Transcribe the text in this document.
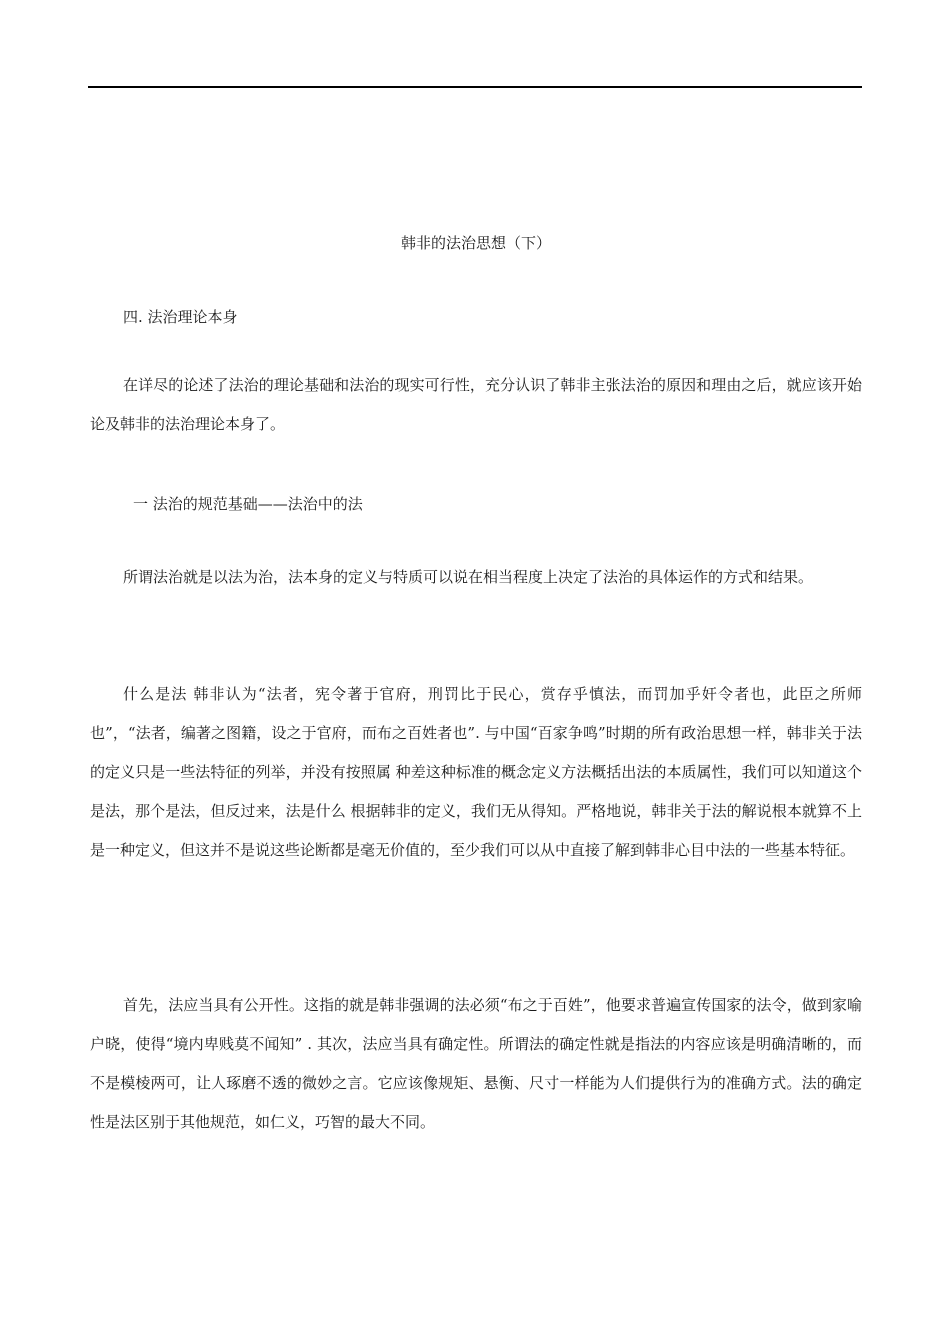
韩非的法治思想（下）
四. 法治理论本身

在详尽的论述了法治的理论基础和法治的现实可行性，充分认识了韩非主张法治的原因和理由之后，就应该开始论及韩非的法治理论本身了。

一 法治的规范基础——法治中的法

所谓法治就是以法为治，法本身的定义与特质可以说在相当程度上决定了法治的具体运作的方式和结果。

什么是法 韩非认为“法者，宪令著于官府，刑罚比于民心，赏存乎慎法，而罚加乎奸令者也，此臣之所师也”，“法者，编著之图籍，设之于官府，而布之百姓者也”. 与中国“百家争鸣”时期的所有政治思想一样，韩非关于法的定义只是一些法特征的列举，并没有按照属 种差这种标准的概念定义方法概括出法的本质属性，我们可以知道这个是法，那个是法，但反过来，法是什么 根据韩非的定义，我们无从得知。严格地说，韩非关于法的解说根本就算不上是一种定义，但这并不是说这些论断都是毫无价值的，至少我们可以从中直接了解到韩非心目中法的一些基本特征。

首先，法应当具有公开性。这指的就是韩非强调的法必须“布之于百姓”，他要求普遍宣传国家的法令，做到家喻户晓，使得“境内卑贱莫不闻知” . 其次，法应当具有确定性。所谓法的确定性就是指法的内容应该是明确清晰的，而不是模棱两可，让人琢磨不透的微妙之言。它应该像规矩、悬衡、尺寸一样能为人们提供行为的准确方式。法的确定性是法区别于其他规范，如仁义，巧智的最大不同。
